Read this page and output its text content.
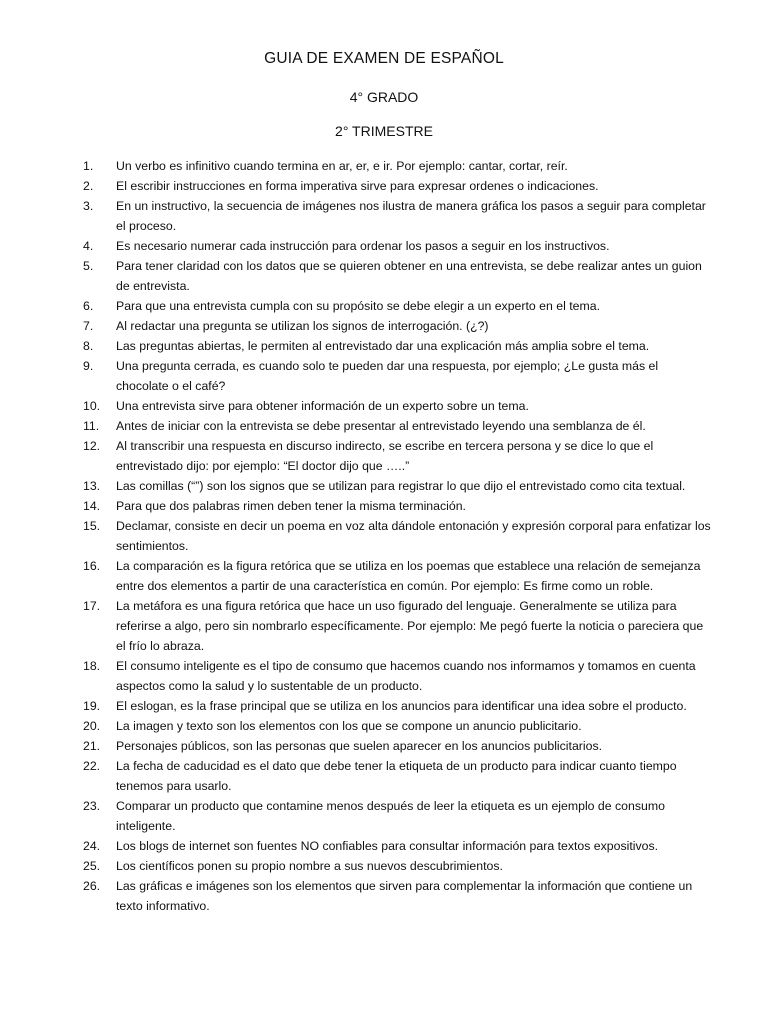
GUIA DE EXAMEN DE ESPAÑOL
4° GRADO
2° TRIMESTRE
1.	Un verbo es infinitivo cuando termina en ar, er, e ir. Por ejemplo: cantar, cortar, reír.
2.	El escribir instrucciones en forma imperativa sirve para expresar ordenes o indicaciones.
3.	En un instructivo, la secuencia de imágenes nos ilustra de manera gráfica los pasos a seguir para completar el proceso.
4.	Es necesario numerar cada instrucción para ordenar los pasos a seguir en los instructivos.
5.	Para tener claridad con los datos que se quieren obtener en una entrevista, se debe realizar antes un guion de entrevista.
6.	Para que una entrevista cumpla con su propósito se debe elegir a un experto en el tema.
7.	Al redactar una pregunta se utilizan los signos de interrogación. (¿?)
8.	Las preguntas abiertas, le permiten al entrevistado dar una explicación más amplia sobre el tema.
9.	Una pregunta cerrada, es cuando solo te pueden dar una respuesta, por ejemplo; ¿Le gusta más el chocolate o el café?
10.	Una entrevista sirve para obtener información de un experto sobre un tema.
11.	Antes de iniciar con la entrevista se debe presentar al entrevistado leyendo una semblanza de él.
12.	Al transcribir una respuesta en discurso indirecto, se escribe en tercera persona y se dice lo que el entrevistado dijo: por ejemplo: “El doctor dijo que …..”
13.	Las comillas (“”) son los signos que se utilizan para registrar lo que dijo el entrevistado como cita textual.
14.	Para que dos palabras rimen deben tener la misma terminación.
15.	Declamar, consiste en decir un poema en voz alta dándole entonación y expresión corporal para enfatizar los sentimientos.
16.	La comparación es la figura retórica que se utiliza en los poemas que establece una relación de semejanza entre dos elementos a partir de una característica en común. Por ejemplo: Es firme como un roble.
17.	La metáfora es una figura retórica que hace un uso figurado del lenguaje. Generalmente se utiliza para referirse a algo, pero sin nombrarlo específicamente. Por ejemplo: Me pegó fuerte la noticia o pareciera que el frío lo abraza.
18.	El consumo inteligente es el tipo de consumo que hacemos cuando nos informamos y tomamos en cuenta aspectos como la salud y lo sustentable de un producto.
19.	El eslogan, es la frase principal que se utiliza en los anuncios para identificar una idea sobre el producto.
20.	La imagen y texto son los elementos con los que se compone un anuncio publicitario.
21.	Personajes públicos, son las personas que suelen aparecer en los anuncios publicitarios.
22.	La fecha de caducidad es el dato que debe tener la etiqueta de un producto para indicar cuanto tiempo tenemos para usarlo.
23.	Comparar un producto que contamine menos después de leer la etiqueta es un ejemplo de consumo inteligente.
24.	Los blogs de internet son fuentes NO confiables para consultar información para textos expositivos.
25.	Los científicos ponen su propio nombre a sus nuevos descubrimientos.
26.	Las gráficas e imágenes son los elementos que sirven para complementar la información que contiene un texto informativo.
